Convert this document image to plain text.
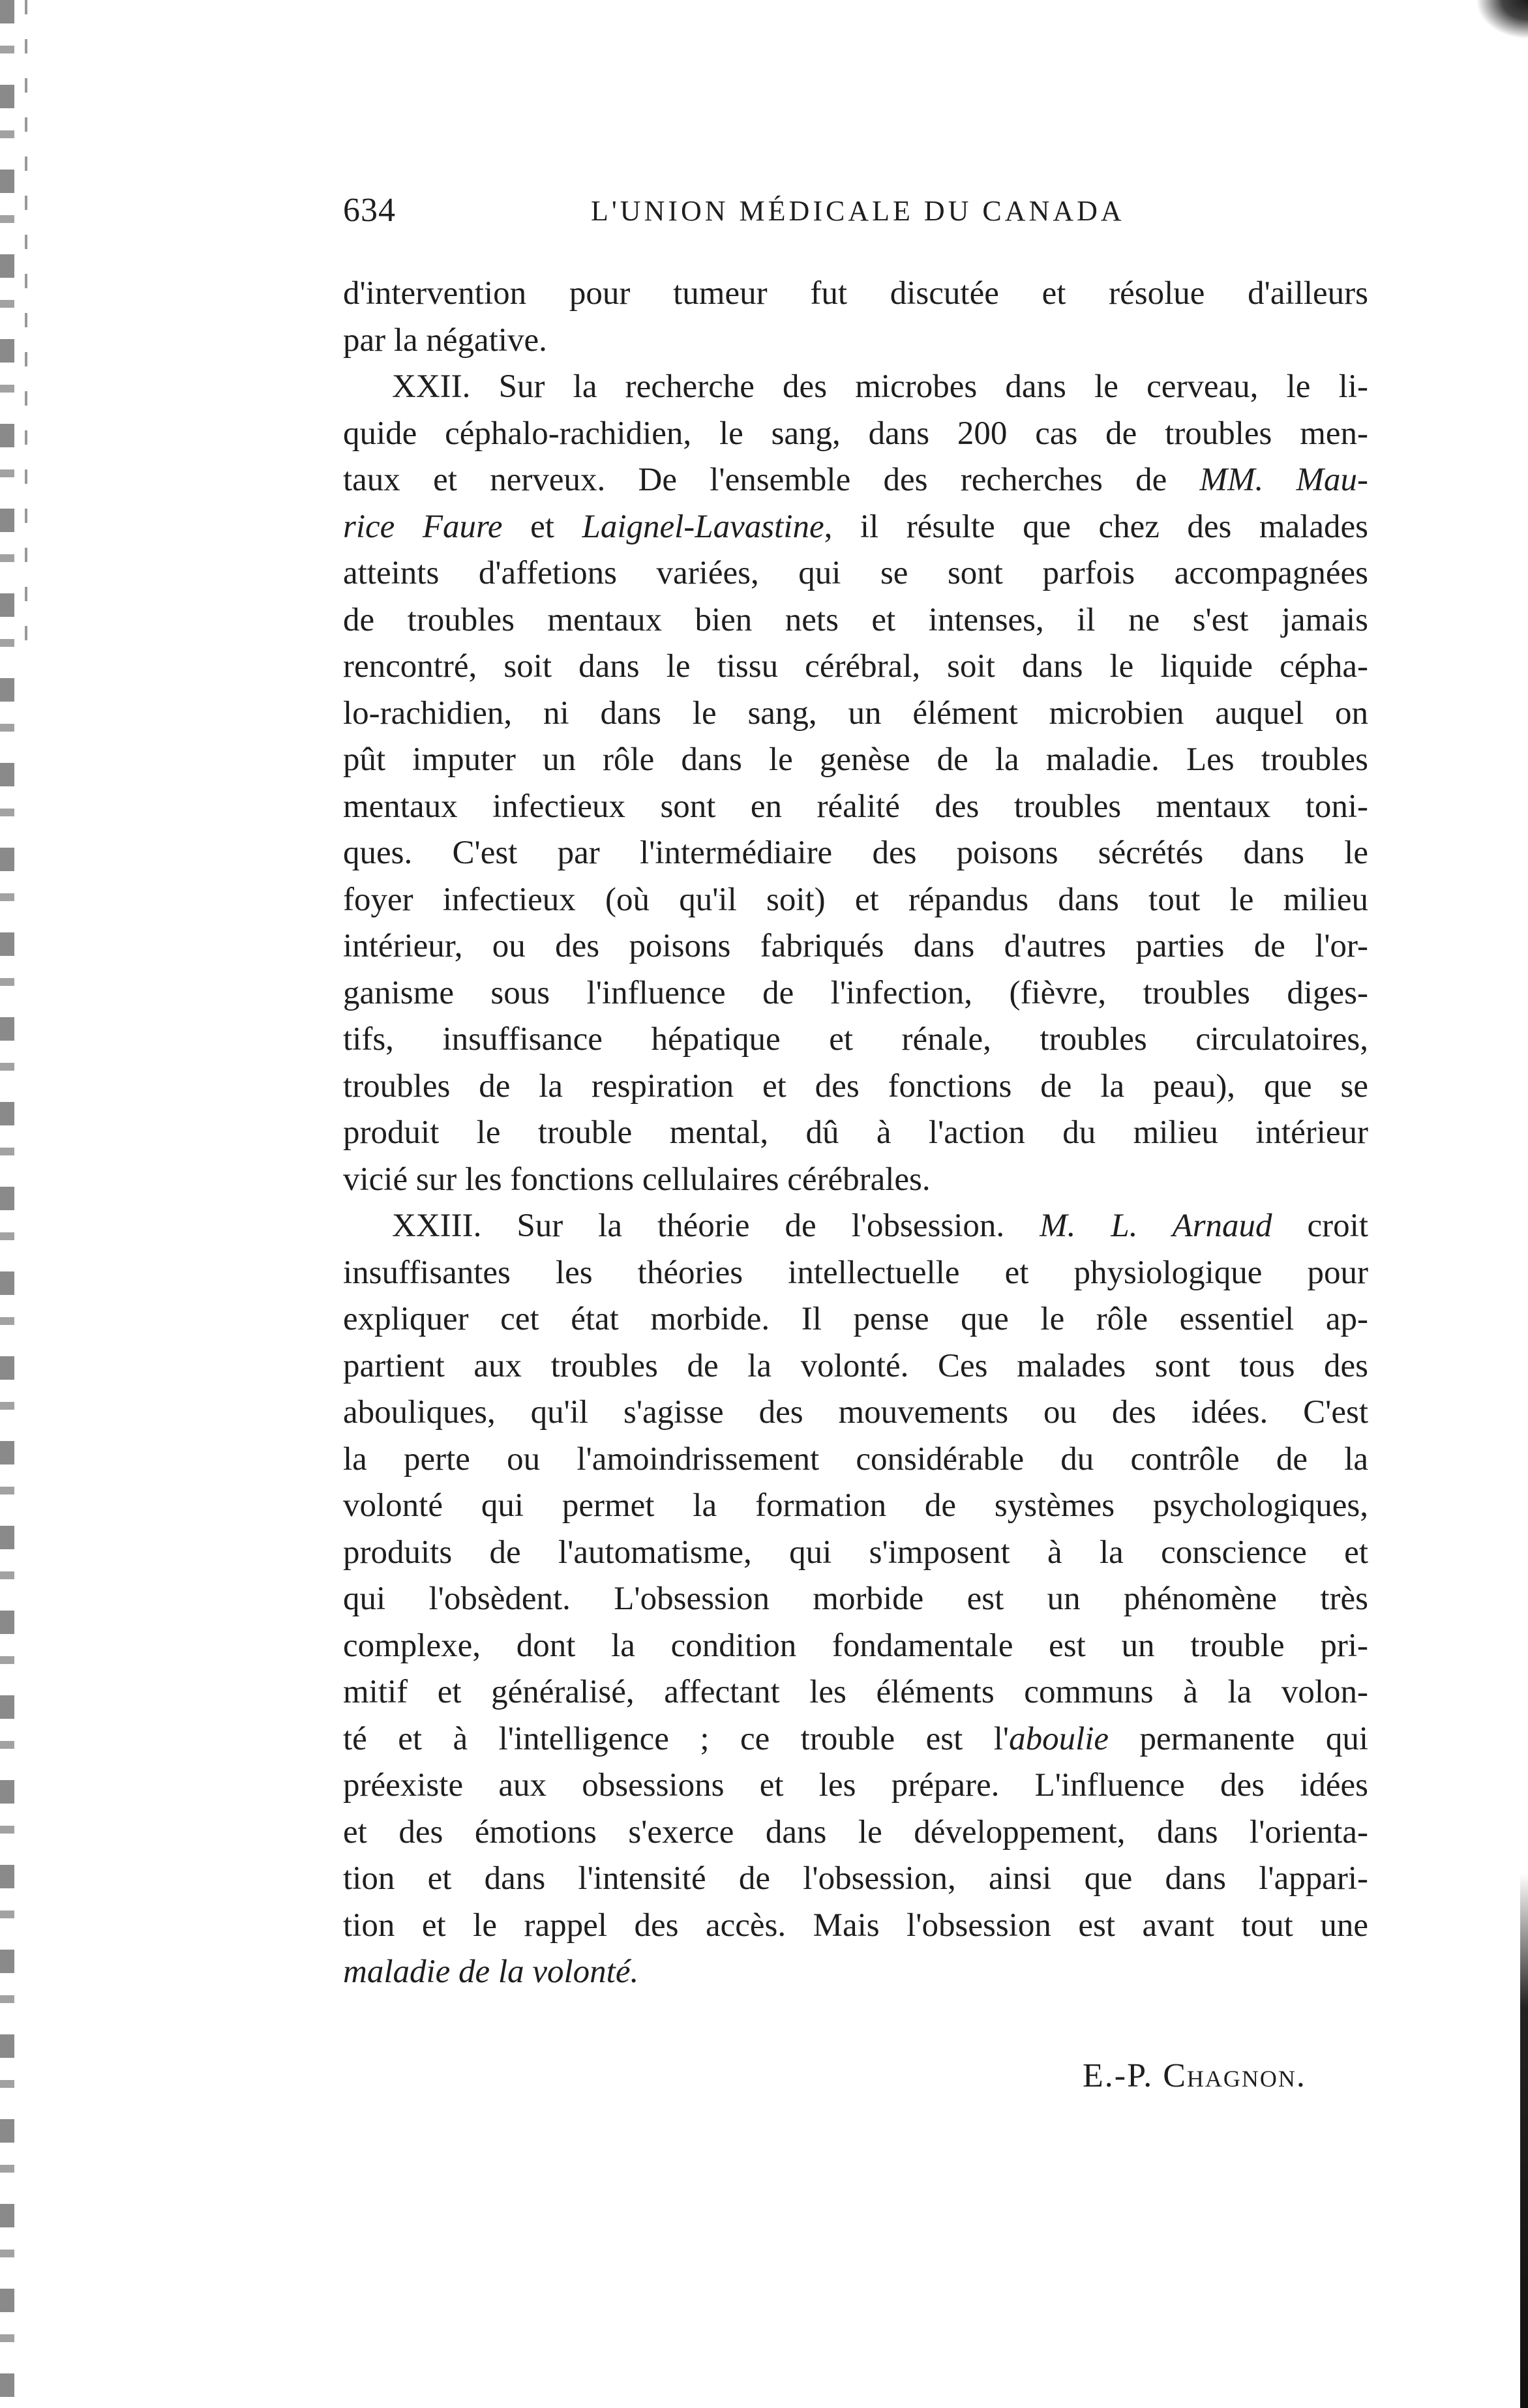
634	L'UNION MÉDICALE DU CANADA
d'intervention pour tumeur fut discutée et résolue d'ailleurs
par la négative.
XXII. Sur la recherche des microbes dans le cerveau, le li-
quide céphalo-rachidien, le sang, dans 200 cas de troubles men-
taux et nerveux. De l'ensemble des recherches de MM. Mau-
rice Faure et Laignel-Lavastine, il résulte que chez des malades
atteints d'affetions variées, qui se sont parfois accompagnées
de troubles mentaux bien nets et intenses, il ne s'est jamais
rencontré, soit dans le tissu cérébral, soit dans le liquide cépha-
lo-rachidien, ni dans le sang, un élément microbien auquel on
pût imputer un rôle dans le genèse de la maladie. Les troubles
mentaux infectieux sont en réalité des troubles mentaux toni-
ques. C'est par l'intermédiaire des poisons sécrétés dans le
foyer infectieux (où qu'il soit) et répandus dans tout le milieu
intérieur, ou des poisons fabriqués dans d'autres parties de l'or-
ganisme sous l'influence de l'infection, (fièvre, troubles diges-
tifs, insuffisance hépatique et rénale, troubles circulatoires,
troubles de la respiration et des fonctions de la peau), que se
produit le trouble mental, dû à l'action du milieu intérieur
vicié sur les fonctions cellulaires cérébrales.
XXIII. Sur la théorie de l'obsession. M. L. Arnaud croit
insuffisantes les théories intellectuelle et physiologique pour
expliquer cet état morbide. Il pense que le rôle essentiel ap-
partient aux troubles de la volonté. Ces malades sont tous des
abouliques, qu'il s'agisse des mouvements ou des idées. C'est
la perte ou l'amoindrissement considérable du contrôle de la
volonté qui permet la formation de systèmes psychologiques,
produits de l'automatisme, qui s'imposent à la conscience et
qui l'obsèdent. L'obsession morbide est un phénomène très
complexe, dont la condition fondamentale est un trouble pri-
mitif et généralisé, affectant les éléments communs à la volon-
té et à l'intelligence ; ce trouble est l'aboulie permanente qui
préexiste aux obsessions et les prépare. L'influence des idées
et des émotions s'exerce dans le développement, dans l'orienta-
tion et dans l'intensité de l'obsession, ainsi que dans l'appari-
tion et le rappel des accès. Mais l'obsession est avant tout une
maladie de la volonté.
E.-P. Chagnon.
